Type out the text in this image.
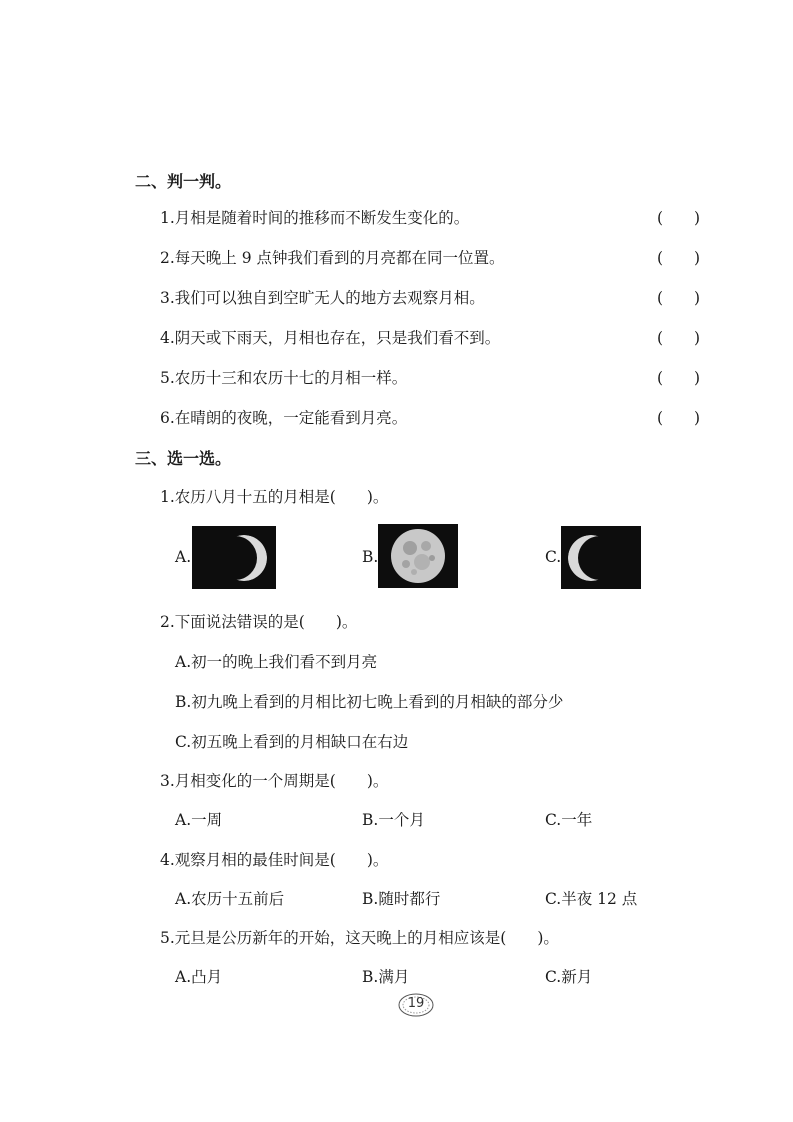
二、判一判。
1.月相是随着时间的推移而不断发生变化的。	(　　)
2.每天晚上 9 点钟我们看到的月亮都在同一位置。	(　　)
3.我们可以独自到空旷无人的地方去观察月相。	(　　)
4.阴天或下雨天，月相也存在，只是我们看不到。	(　　)
5.农历十三和农历十七的月相一样。	(　　)
6.在晴朗的夜晚，一定能看到月亮。	(　　)
三、选一选。
1.农历八月十五的月相是(　　)。
A.	B.	C.
2.下面说法错误的是(　　)。
A.初一的晚上我们看不到月亮
B.初九晚上看到的月相比初七晚上看到的月相缺的部分少
C.初五晚上看到的月相缺口在右边
3.月相变化的一个周期是(　　)。
A.一周	B.一个月	C.一年
4.观察月相的最佳时间是(　　)。
A.农历十五前后	B.随时都行	C.半夜 12 点
5.元旦是公历新年的开始，这天晚上的月相应该是(　　)。
A.凸月	B.满月	C.新月
19
